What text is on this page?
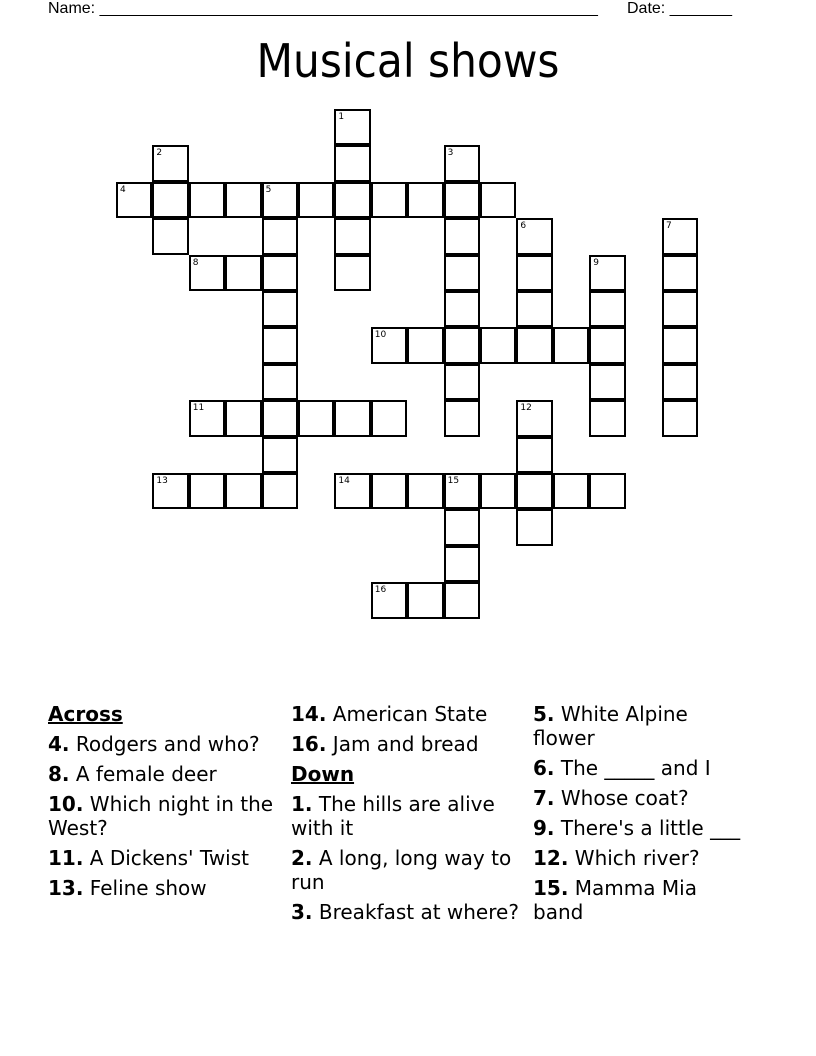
Name: ________________________________________________________ Date: _______
Musical shows
1
2	3
4	5
6	7
8	9
10
11	12
13	14	15
16
Across
4. Rodgers and who?
8. A female deer
10. Which night in the West?
11. A Dickens' Twist
13. Feline show
14. American State
16. Jam and bread
Down
1. The hills are alive with it
2. A long, long way to run
3. Breakfast at where?
5. White Alpine flower
6. The _____ and I
7. Whose coat?
9. There's a little ___
12. Which river?
15. Mamma Mia band
